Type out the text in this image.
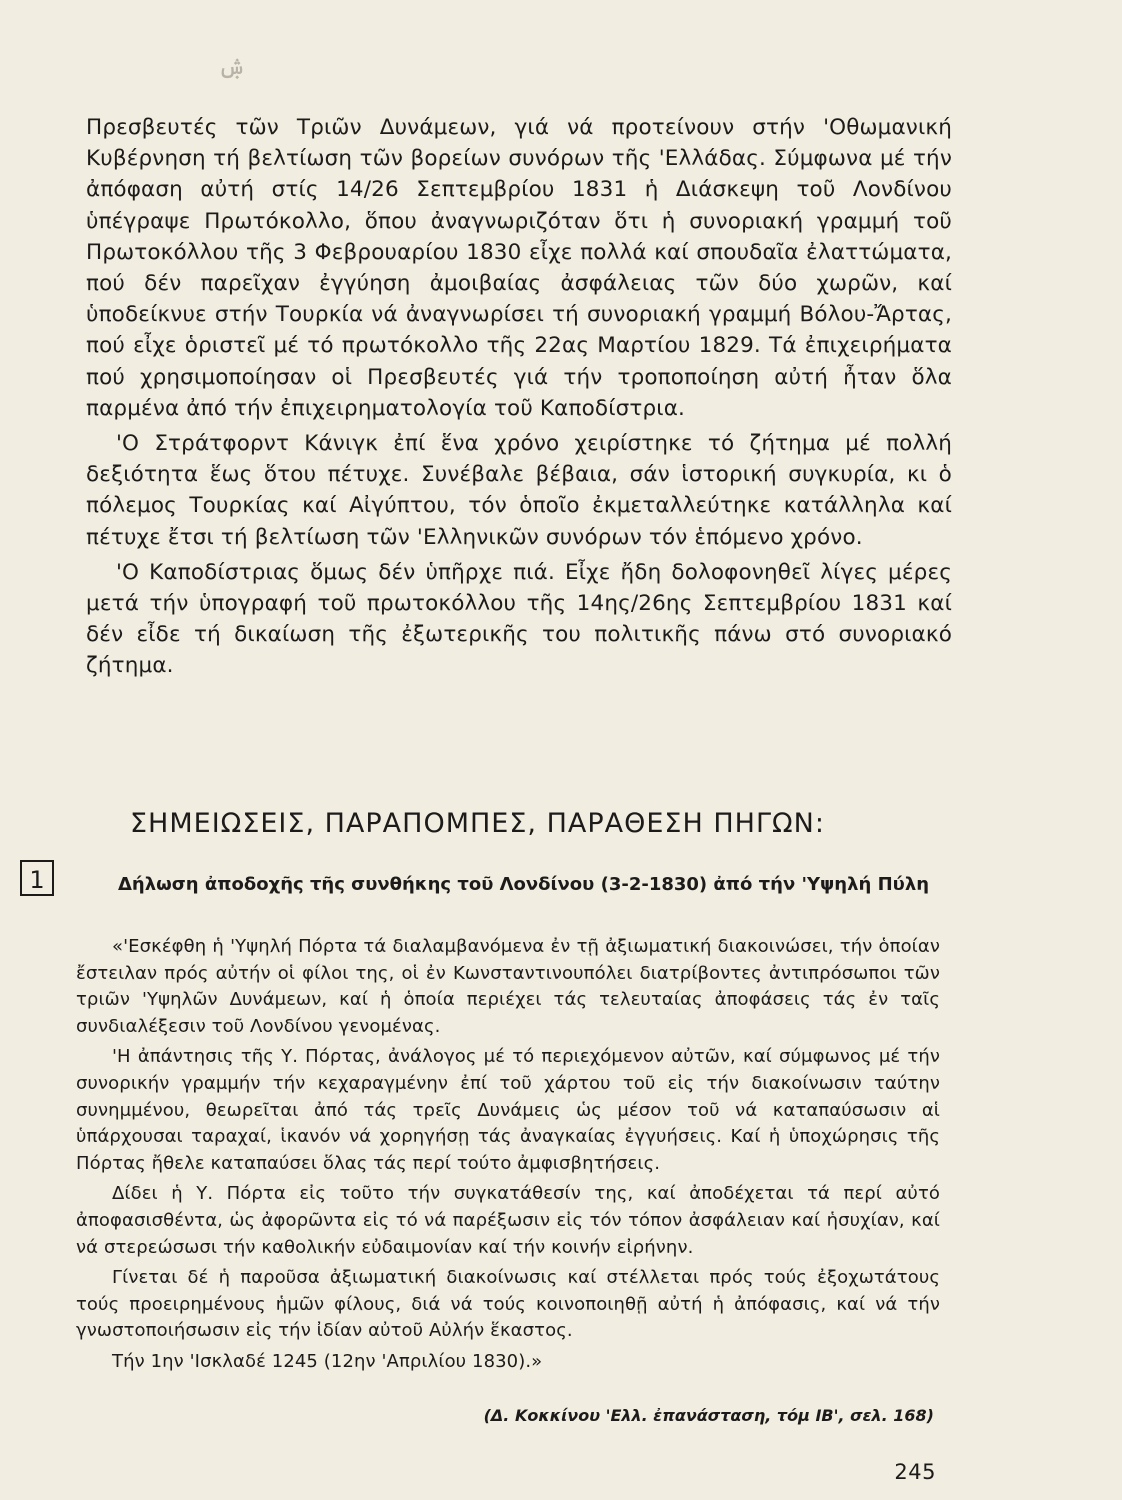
ۺ

Πρεσβευτές τῶν Τριῶν Δυνάμεων, γιά νά προτείνουν στήν 'Οθωμανική Κυβέρνηση τή βελτίωση τῶν βορείων συνόρων τῆς 'Ελλάδας. Σύμφωνα μέ τήν ἀπόφαση αὐτή στίς 14/26 Σεπτεμβρίου 1831 ἡ Διάσκεψη τοῦ Λονδίνου ὑπέγραψε Πρωτόκολλο, ὅπου ἀναγνωριζόταν ὅτι ἡ συνοριακή γραμμή τοῦ Πρωτοκόλλου τῆς 3 Φεβρουαρίου 1830 εἶχε πολλά καί σπουδαῖα ἐλαττώματα, πού δέν παρεῖχαν ἐγγύηση ἀμοιβαίας ἀσφάλειας τῶν δύο χωρῶν, καί ὑποδείκνυε στήν Τουρκία νά ἀναγνωρίσει τή συνοριακή γραμμή Βόλου-Ἄρτας, πού εἶχε ὁριστεῖ μέ τό πρωτόκολλο τῆς 22ας Μαρτίου 1829. Τά ἐπιχειρήματα πού χρησιμοποίησαν οἱ Πρεσβευτές γιά τήν τροποποίηση αὐτή ἦταν ὅλα παρμένα ἀπό τήν ἐπιχειρηματολογία τοῦ Καποδίστρια.

'Ο Στράτφορντ Κάνιγκ ἐπί ἕνα χρόνο χειρίστηκε τό ζήτημα μέ πολλή δεξιότητα ἕως ὅτου πέτυχε. Συνέβαλε βέβαια, σάν ἱστορική συγκυρία, κι ὁ πόλεμος Τουρκίας καί Αἰγύπτου, τόν ὁποῖο ἐκμεταλλεύτηκε κατάλληλα καί πέτυχε ἔτσι τή βελτίωση τῶν 'Ελληνικῶν συνόρων τόν ἑπόμενο χρόνο.

'Ο Καποδίστριας ὅμως δέν ὑπῆρχε πιά. Εἶχε ἤδη δολοφονηθεῖ λίγες μέρες μετά τήν ὑπογραφή τοῦ πρωτοκόλλου τῆς 14ης/26ης Σεπτεμβρίου 1831 καί δέν εἶδε τή δικαίωση τῆς ἐξωτερικῆς του πολιτικῆς πάνω στό συνοριακό ζήτημα.

ΣΗΜΕΙΩΣΕΙΣ, ΠΑΡΑΠΟΜΠΕΣ, ΠΑΡΑΘΕΣΗ ΠΗΓΩΝ:
1	Δήλωση ἀποδοχῆς τῆς συνθήκης τοῦ Λονδίνου (3-2-1830) ἀπό τήν 'Υψηλή Πύλη

«'Εσκέφθη ἡ 'Υψηλή Πόρτα τά διαλαμβανόμενα ἐν τῇ ἀξιωματική διακοινώσει, τήν ὁποίαν ἔστειλαν πρός αὐτήν οἱ φίλοι της, οἱ ἐν Κωνσταντινουπόλει διατρίβοντες ἀντιπρόσωποι τῶν τριῶν 'Υψηλῶν Δυνάμεων, καί ἡ ὁποία περιέχει τάς τελευταίας ἀποφάσεις τάς ἐν ταῖς συνδιαλέξεσιν τοῦ Λονδίνου γενομένας.

'Η ἀπάντησις τῆς Υ. Πόρτας, ἀνάλογος μέ τό περιεχόμενον αὐτῶν, καί σύμφωνος μέ τήν συνορικήν γραμμήν τήν κεχαραγμένην ἐπί τοῦ χάρτου τοῦ εἰς τήν διακοίνωσιν ταύτην συνημμένου, θεωρεῖται ἀπό τάς τρεῖς Δυνάμεις ὡς μέσον τοῦ νά καταπαύσωσιν αἱ ὑπάρχουσαι ταραχαί, ἱκανόν νά χορηγήσῃ τάς ἀναγκαίας ἐγγυήσεις. Καί ἡ ὑποχώρησις τῆς Πόρτας ἤθελε καταπαύσει ὅλας τάς περί τούτο ἀμφισβητήσεις.

Δίδει ἡ Υ. Πόρτα εἰς τοῦτο τήν συγκατάθεσίν της, καί ἀποδέχεται τά περί αὐτό ἀποφασισθέντα, ὡς ἀφορῶντα εἰς τό νά παρέξωσιν εἰς τόν τόπον ἀσφάλειαν καί ἡσυχίαν, καί νά στερεώσωσι τήν καθολικήν εὐδαιμονίαν καί τήν κοινήν εἰρήνην.

Γίνεται δέ ἡ παροῦσα ἀξιωματική διακοίνωσις καί στέλλεται πρός τούς ἐξοχωτάτους τούς προειρημένους ἡμῶν φίλους, διά νά τούς κοινοποιηθῇ αὐτή ἡ ἀπόφασις, καί νά τήν γνωστοποιήσωσιν εἰς τήν ἰδίαν αὐτοῦ Αὐλήν ἕκαστος.

Τήν 1ην 'Ισκλαδέ 1245 (12ην 'Απριλίου 1830).»

(Δ. Κοκκίνου 'Ελλ. ἐπανάσταση, τόμ ΙΒ', σελ. 168)
245
